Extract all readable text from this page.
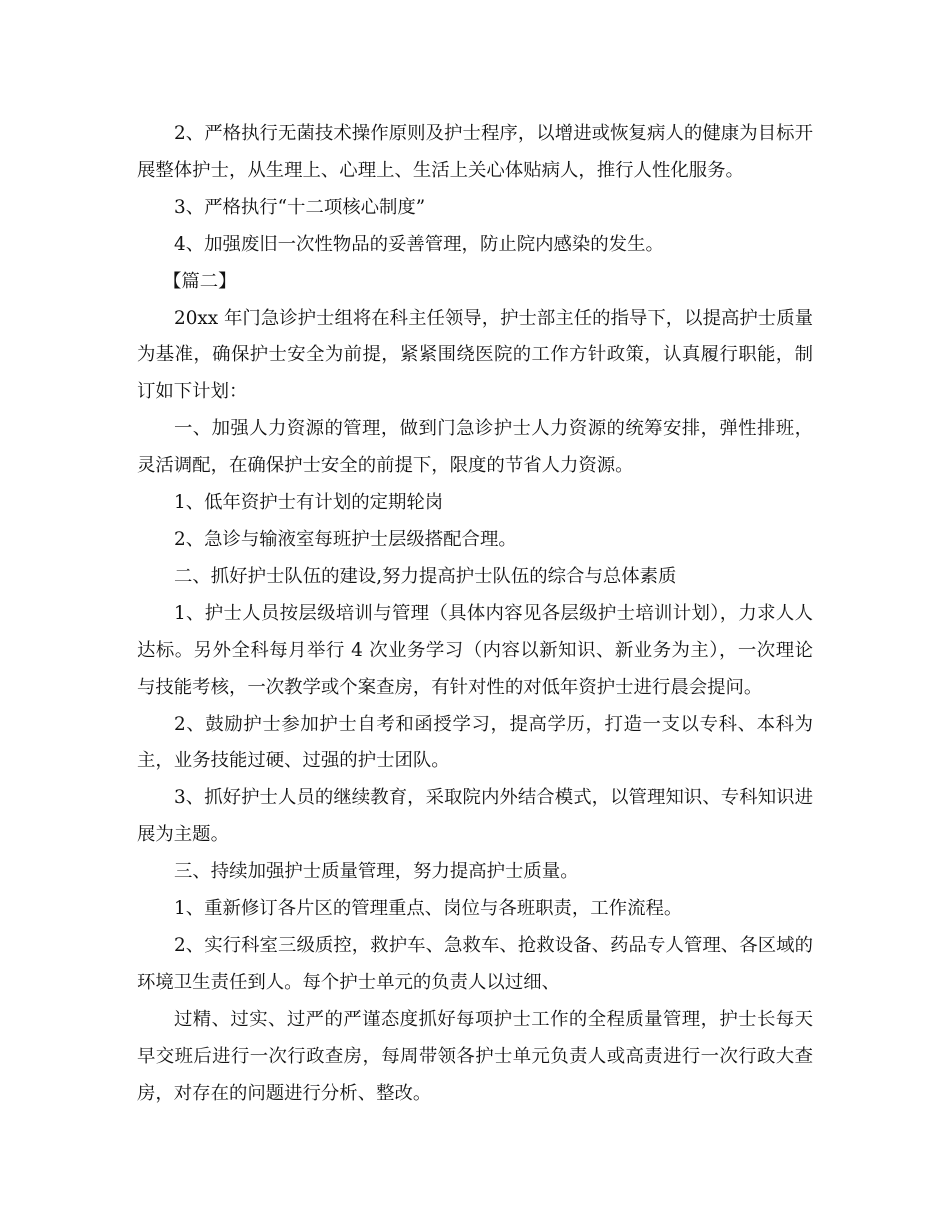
2、严格执行无菌技术操作原则及护士程序，以增进或恢复病人的健康为目标开展整体护士，从生理上、心理上、生活上关心体贴病人，推行人性化服务。

3、严格执行“十二项核心制度”

4、加强废旧一次性物品的妥善管理，防止院内感染的发生。

【篇二】

20xx 年门急诊护士组将在科主任领导，护士部主任的指导下，以提高护士质量为基准，确保护士安全为前提，紧紧围绕医院的工作方针政策，认真履行职能，制订如下计划：

一、加强人力资源的管理，做到门急诊护士人力资源的统筹安排，弹性排班，灵活调配，在确保护士安全的前提下，限度的节省人力资源。

1、低年资护士有计划的定期轮岗

2、急诊与输液室每班护士层级搭配合理。

二、抓好护士队伍的建设,努力提高护士队伍的综合与总体素质

1、护士人员按层级培训与管理（具体内容见各层级护士培训计划），力求人人达标。另外全科每月举行 4 次业务学习（内容以新知识、新业务为主），一次理论与技能考核，一次教学或个案查房，有针对性的对低年资护士进行晨会提问。

2、鼓励护士参加护士自考和函授学习，提高学历，打造一支以专科、本科为主，业务技能过硬、过强的护士团队。

3、抓好护士人员的继续教育，采取院内外结合模式，以管理知识、专科知识进展为主题。

三、持续加强护士质量管理，努力提高护士质量。

1、重新修订各片区的管理重点、岗位与各班职责，工作流程。

2、实行科室三级质控，救护车、急救车、抢救设备、药品专人管理、各区域的环境卫生责任到人。每个护士单元的负责人以过细、

过精、过实、过严的严谨态度抓好每项护士工作的全程质量管理，护士长每天早交班后进行一次行政查房，每周带领各护士单元负责人或高责进行一次行政大查房，对存在的问题进行分析、整改。
